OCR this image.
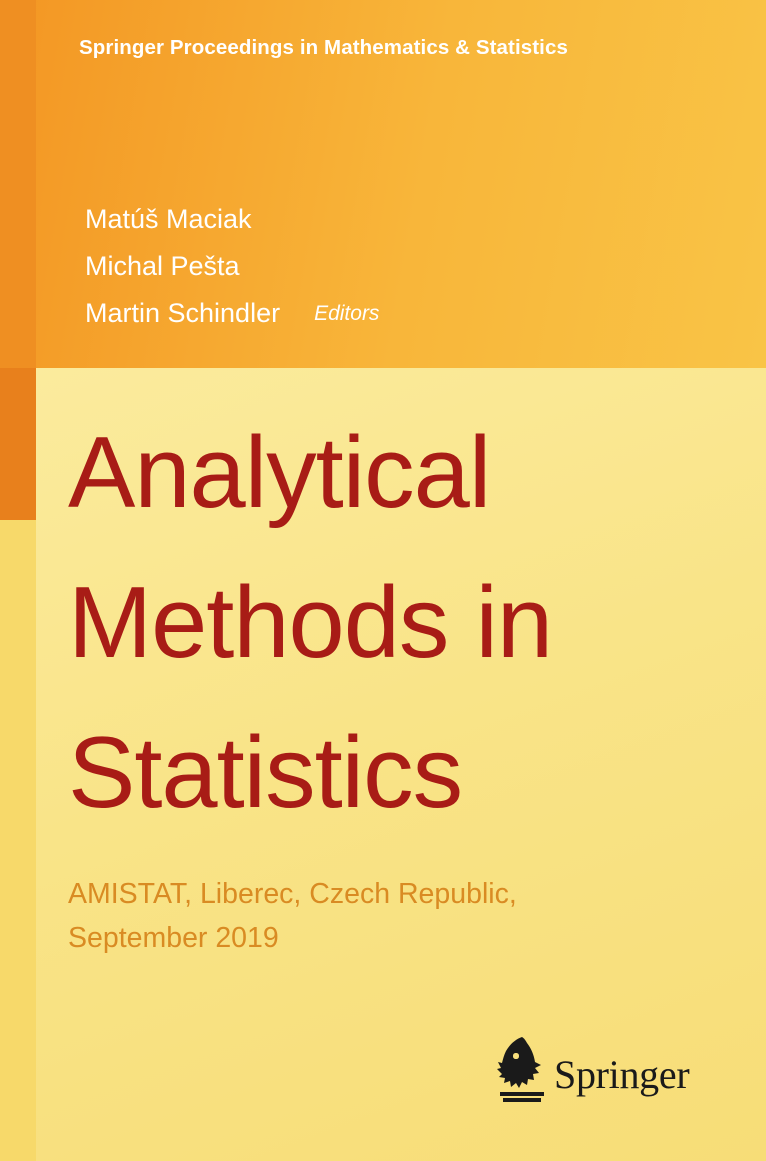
Springer Proceedings in Mathematics & Statistics
Matúš Maciak
Michal Pešta
Martin Schindler Editors
Analytical
Methods in
Statistics
AMISTAT, Liberec, Czech Republic,
September 2019
Springer
